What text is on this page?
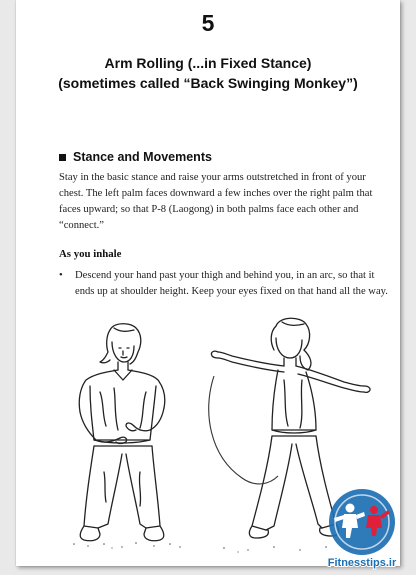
5
Arm Rolling (...in Fixed Stance)
(sometimes called “Back Swinging Monkey”)
Stance and Movements
Stay in the basic stance and raise your arms outstretched in front of your
chest. The left palm faces downward a few inches over the right palm that
faces upward; so that P-8 (Laogong) in both palms face each other and
“connect.”
As you inhale
• Descend your hand past your thigh and behind you, in an arc, so that it
ends up at shoulder height. Keep your eyes fixed on that hand all the way.
Fitnesstips.ir
